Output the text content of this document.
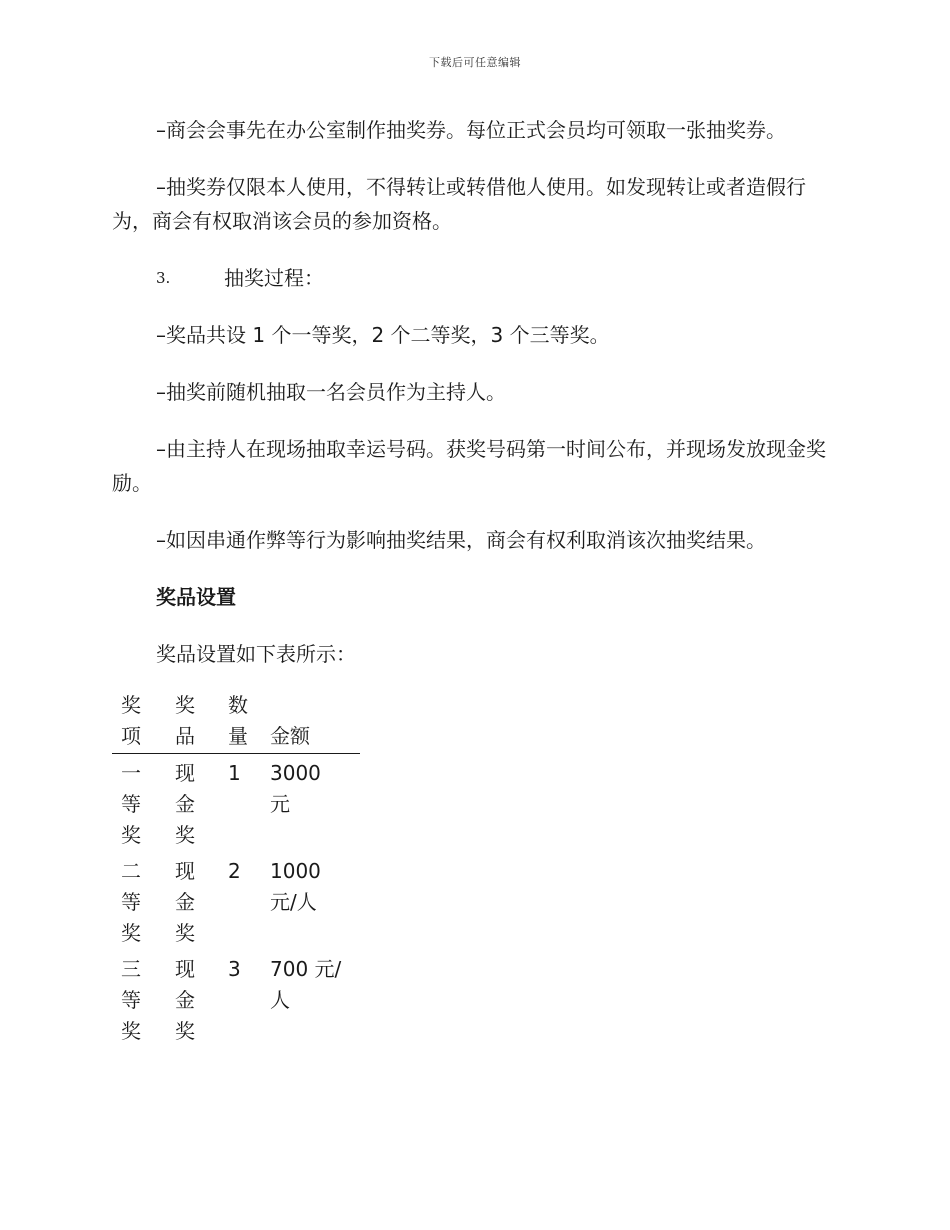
下载后可任意编辑

–商会会事先在办公室制作抽奖券。每位正式会员均可领取一张抽奖券。

–抽奖券仅限本人使用，不得转让或转借他人使用。如发现转让或者造假行为，商会有权取消该会员的参加资格。

3.	抽奖过程：

–奖品共设 1 个一等奖，2 个二等奖，3 个三等奖。

–抽奖前随机抽取一名会员作为主持人。

–由主持人在现场抽取幸运号码。获奖号码第一时间公布，并现场发放现金奖励。

–如因串通作弊等行为影响抽奖结果，商会有权利取消该次抽奖结果。

奖品设置

奖品设置如下表所示：

奖项	奖品	数量	金额

一等奖	现金奖	1	3000 元

二等奖	现金奖	2	1000 元/人

三等奖	现金奖	3	700 元/人
